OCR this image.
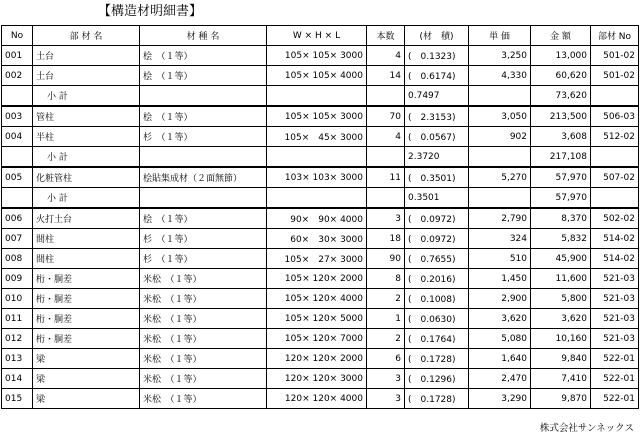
【構造材明細書】
No	部 材 名	材 種 名	W × H × L	本数	(材　積)	単 価	金 額	部材 No
001	土台	桧　（１等）	105× 105× 3000	4	(　0.1323)	3,250	13,000	501-02
002	土台	桧　（１等）	105× 105× 4000	14	(　0.6174)	4,330	60,620	501-02
	小 計				0.7497		73,620	
003	管柱	桧　（１等）	105× 105× 3000	70	(　2.3153)	3,050	213,500	506-03
004	半柱	杉　（１等）	105×　45× 3000	4	(　0.0567)	902	3,608	512-02
	小 計				2.3720		217,108	
005	化粧管柱	桧貼集成材（２面無節）	103× 103× 3000	11	(　0.3501)	5,270	57,970	507-02
	小 計				0.3501		57,970	
006	火打土台	桧　（１等）	90×　90× 4000	3	(　0.0972)	2,790	8,370	502-02
007	間柱	杉　（１等）	60×　30× 3000	18	(　0.0972)	324	5,832	514-02
008	間柱	杉　（１等）	105×　27× 3000	90	(　0.7655)	510	45,900	514-02
009	桁・胴差	米松　（１等）	105× 120× 2000	8	(　0.2016)	1,450	11,600	521-03
010	桁・胴差	米松　（１等）	105× 120× 4000	2	(　0.1008)	2,900	5,800	521-03
011	桁・胴差	米松　（１等）	105× 120× 5000	1	(　0.0630)	3,620	3,620	521-03
012	桁・胴差	米松　（１等）	105× 120× 7000	2	(　0.1764)	5,080	10,160	521-03
013	梁	米松　（１等）	120× 120× 2000	6	(　0.1728)	1,640	9,840	522-01
014	梁	米松　（１等）	120× 120× 3000	3	(　0.1296)	2,470	7,410	522-01
015	梁	米松　（１等）	120× 120× 4000	3	(　0.1728)	3,290	9,870	522-01
株式会社サンネックス
